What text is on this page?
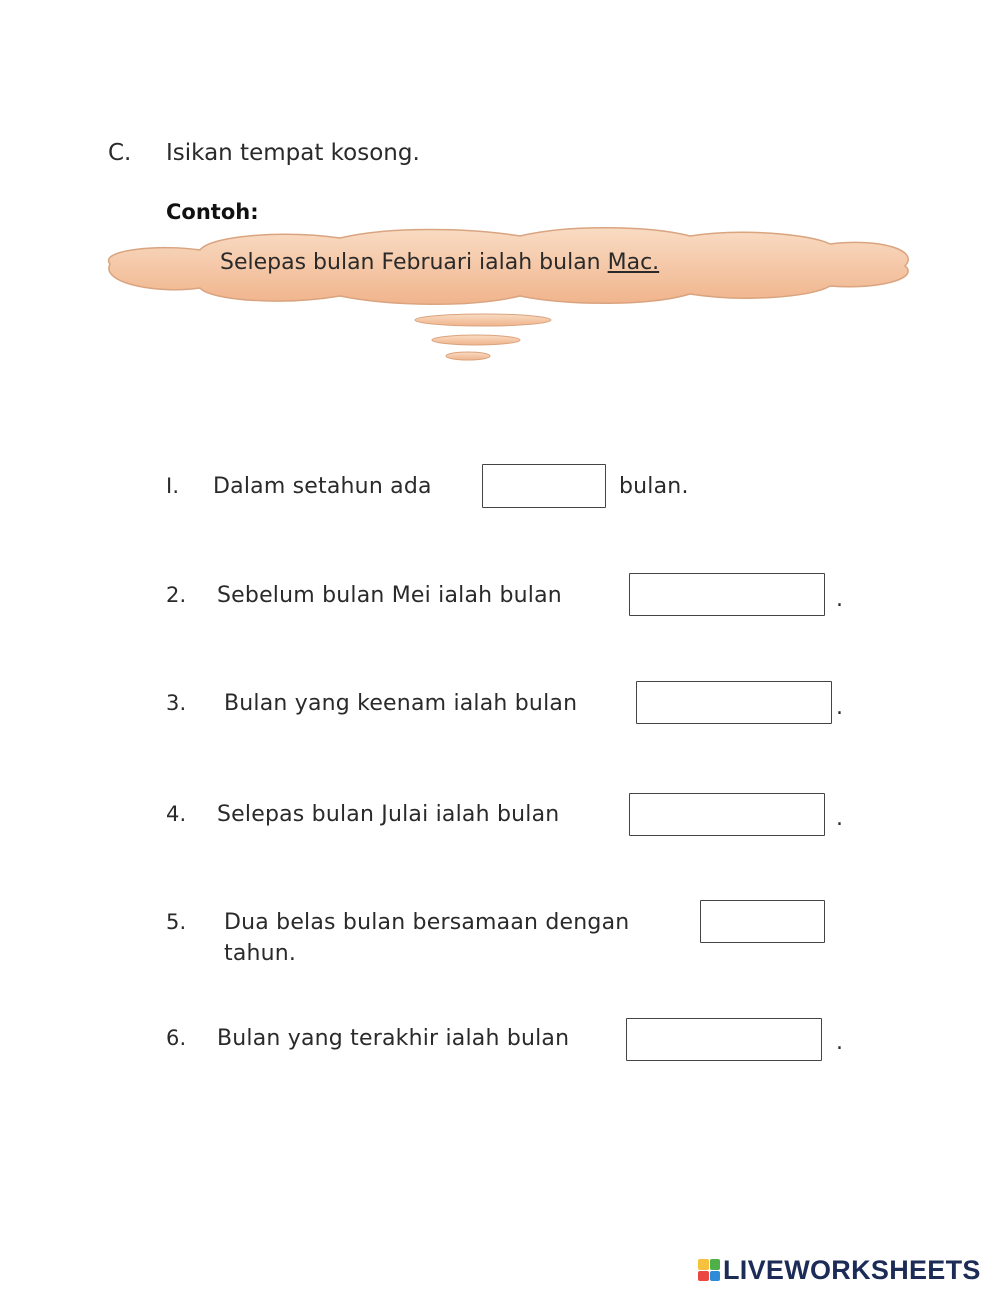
C. Isikan tempat kosong.
Contoh:
Selepas bulan Februari ialah bulan Mac.
I. Dalam setahun ada	bulan.
2. Sebelum bulan Mei ialah bulan	.
3. Bulan yang keenam ialah bulan	.
4. Selepas bulan Julai ialah bulan	.
5. Dua belas bulan bersamaan dengan
tahun.
6. Bulan yang terakhir ialah bulan	.
LIVEWORKSHEETS
